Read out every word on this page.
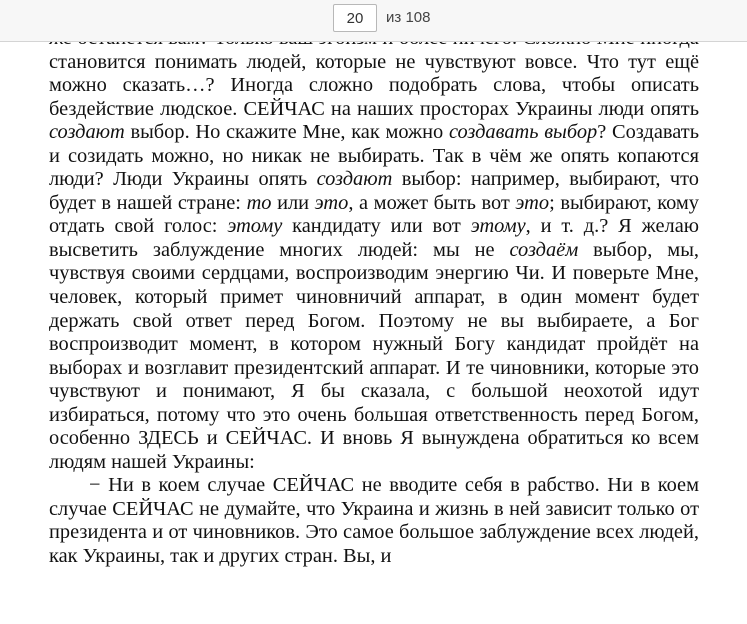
20
из 108

становится понимать людей, которые не чувствуют вовсе. Что тут ещё можно сказать…? Иногда сложно подобрать слова, чтобы описать бездействие людское. СЕЙЧАС на наших просторах Украины люди опять создают выбор. Но скажите Мне, как можно создавать выбор? Создавать и созидать можно, но никак не выбирать. Так в чём же опять копаются люди? Люди Украины опять создают выбор: например, выбирают, что будет в нашей стране: то или это, а может быть вот это; выбирают, кому отдать свой голос: этому кандидату или вот этому, и т. д.? Я желаю высветить заблуждение многих людей: мы не создаём выбор, мы, чувствуя своими сердцами, воспроизводим энергию Чи. И поверьте Мне, человек, который примет чиновничий аппарат, в один момент будет держать свой ответ перед Богом. Поэтому не вы выбираете, а Бог воспроизводит момент, в котором нужный Богу кандидат пройдёт на выборах и возглавит президентский аппарат. И те чиновники, которые это чувствуют и понимают, Я бы сказала, с большой неохотой идут избираться, потому что это очень большая ответственность перед Богом, особенно ЗДЕСЬ и СЕЙЧАС. И вновь Я вынуждена обратиться ко всем людям нашей Украины:

− Ни в коем случае СЕЙЧАС не вводите себя в рабство. Ни в коем случае СЕЙЧАС не думайте, что Украина и жизнь в ней зависит только от президента и от чиновников. Это самое большое заблуждение всех людей, как Украины, так и других стран. Вы, и
